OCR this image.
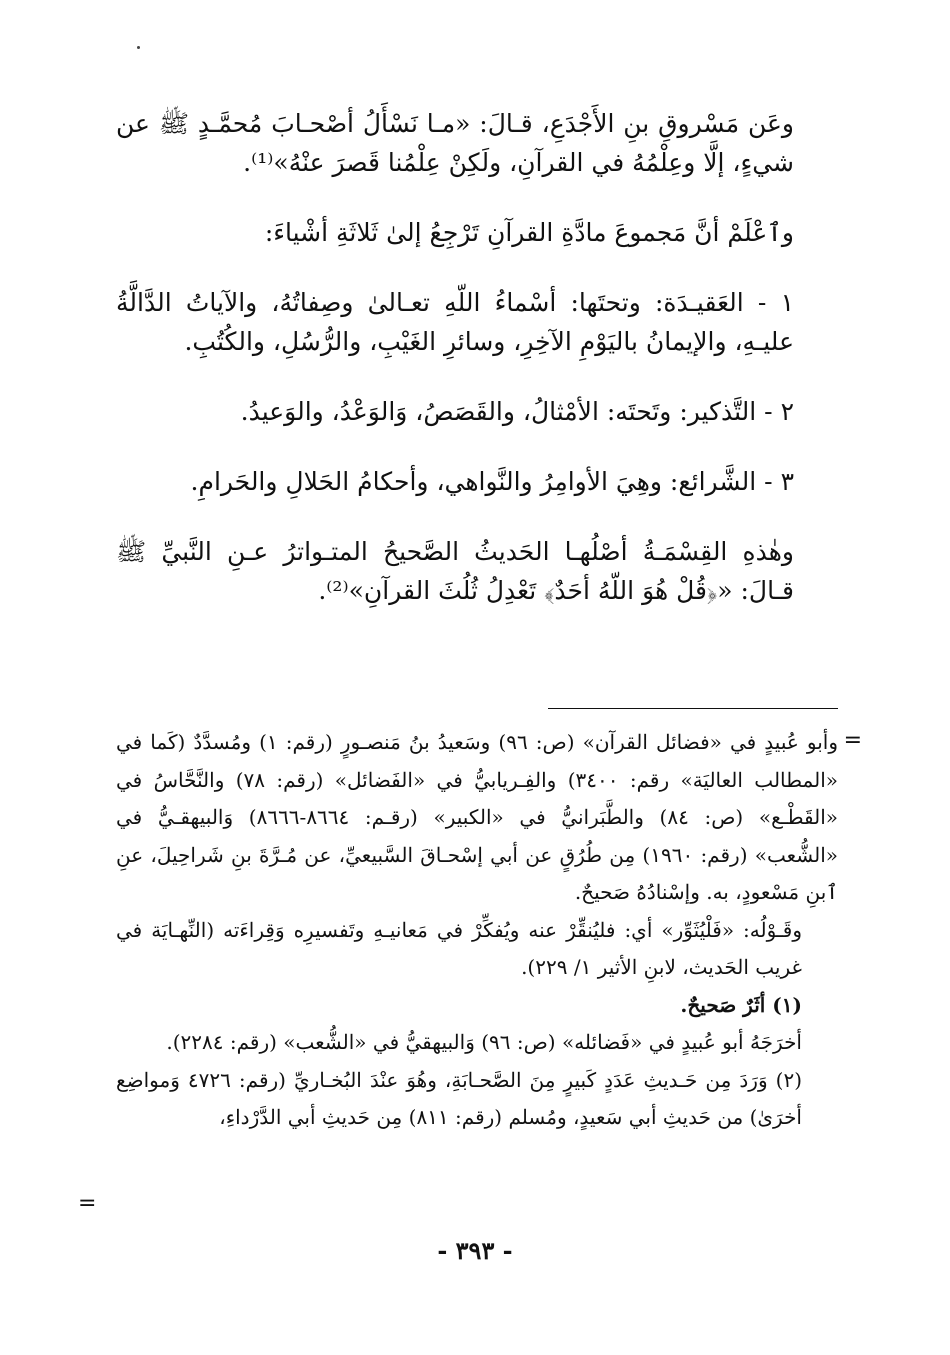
وعَن مَسْروقِ بنِ الأَجْدَعِ، قـالَ: «مـا نَسْأَلُ أصْحـابَ مُحمَّـدٍ ﷺ عن شيءٍ، إلَّا وعِلْمُهُ في القرآنِ، ولَكِنْ عِلْمُنا قَصرَ عنْهُ»⁽¹⁾.

وٱعْلَمْ أنَّ مَجموعَ مادَّةِ القرآنِ تَرْجِعُ إلىٰ ثَلاثَةِ أشْياءَ:

١ - العَقيـدَة: وتحتَها: أسْماءُ اللّهِ تعـالىٰ وصِفاتُهُ، والآياتُ الدَّالَّةُ عليـهِ، والإيمانُ باليَوْمِ الآخِرِ، وسائرِ الغَيْبِ، والرُّسُلِ، والكُتُبِ.

٢ - التَّذكير: وتَحتَه: الأمْثالُ، والقَصَصُ، وَالوَعْدُ، والوَعيدُ.

٣ - الشَّرائع: وهِيَ الأوامِرُ والنَّواهي، وأحكامُ الحَلالِ والحَرامِ.

وهٰذهِ القِسْمَـةُ أصْلُهـا الحَديثُ الصَّحيحُ المتـواترُ عـنِ النَّبيِّ ﷺ قـالَ: «﴿قُلْ هُوَ اللّهُ أحَدٌ﴾ تَعْدِلُ ثُلُثَ القرآنِ»⁽²⁾.

=

وأبو عُبيدٍ في «فضائل القرآن» (ص: ٩٦) وسَعيدُ بنُ مَنصـورٍ (رقم: ١) ومُسدَّدٌ (كَما في «المطالب العاليَة» رقم: ٣٤٠٠) والفِـريابيُّ في «الفَضائل» (رقم: ٧٨) والنَّحَّاسُ في «القَطْـع» (ص: ٨٤) والطَّبَرانيُّ في «الكبير» (رقـم: ٨٦٦٤-٨٦٦٦) وَالبيهقـيُّ في «الشُّعب» (رقم: ١٩٦٠) مِن طُرُقٍ عن أبي إسْحـاقَ السَّبيعيِّ، عن مُـرَّةَ بنِ شَراحِيلَ، عنِ ٱبنِ مَسْعودٍ، به. وإسْنادُهُ صَحيحٌ.

وقَـوْلُه: «فَلْيُثَوِّر» أي: فليُنقِّرْ عنه ويُفكِّرْ في مَعانيـهِ وتَفسيرِه وَقِراءَته (النِّهـايَة في غريب الحَديث، لابنِ الأثير ١/ ٢٢٩).

(١) أثَرٌ صَحيحٌ.

أخرَجَهُ أبو عُبيدٍ في «فَضائله» (ص: ٩٦) وَالبيهقيُّ في «الشُّعب» (رقم: ٢٢٨٤).

(٢) وَرَدَ مِن حَـديثِ عَدَدٍ كَبيرٍ مِنَ الصَّحـابَةِ، وهُوَ عنْدَ البُخـاريِّ (رقم: ٤٧٢٦ وَمواضِع أخرَىٰ) من حَديثِ أبي سَعيدٍ، ومُسلم (رقم: ٨١١) مِن حَديثِ أبي الدَّرْداءِ،

=
- ٣٩٣ -
